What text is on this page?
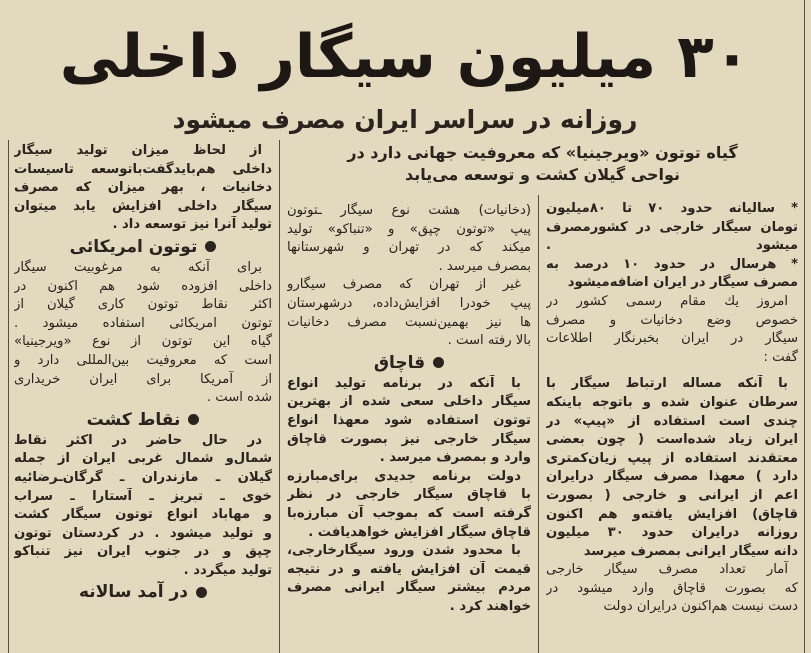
۳۰ میلیون سیگار داخلی
روزانه در سراسر ایران مصرف میشود
گیاه توتون «ویرجینیا» که معروفیت جهانی دارد در
نواحی گیلان کشت و توسعه می‌یابد
* سالیانه حدود ۷۰ تا ۸۰میلیون
تومان سیگار خارجی در کشورمصرف
میشود .
* هرسال در حدود ۱۰ درصد به
مصرف سیگار در ایران اضافه‌میشود
امروز یك مقام رسمی کشور در
خصوص وضع دخانیات و مصرف
سیگار در ایران بخبرنگار اطلاعات
گفت :
با آنکه مساله ارتباط سیگار با
سرطان عنوان شده و باتوجه باینکه
چندی است استفاده از «پیپ» در
ایران زیاد شده‌است ( چون بعضی
معتقدند استفاده از پیپ زیان‌کمتری
دارد ) معهذا مصرف سیگار درایران
اعم از ایرانی و خارجی ( بصورت
قاچاق) افزایش یافته‌و هم اکنون
روزانه درایران حدود ۳۰ میلیون
دانه سیگار ایرانی بمصرف میرسد
آمار تعداد مصرف سیگار خارجی
که بصورت قاچاق وارد میشود در
دست نیست هم‌اکنون درایران دولت
(دخانیات) هشت نوع سیگار ـتوتون
پیپ «توتون چپق» و «تنباکو» تولید
میکند که در تهران و شهرستانها
بمصرف میرسد .
غیر از تهران که مصرف سیگارو
پیپ خودرا افزایش‌داده، درشهرستان
ها نیز بهمین‌نسبت مصرف دخانیات
بالا رفته است .
قاچاق
با آنکه در برنامه تولید انواع
سیگار داخلی سعی شده از بهترین
توتون استفاده شود معهذا انواع
سیگار خارجی نیز بصورت قاچاق
وارد و بمصرف میرسد .
دولت برنامه جدیدی برای‌مبارزه
با قاچاق سیگار خارجی در نظر
گرفته است که بموجب آن مبارزه‌با
قاچاق سیگار افزایش خواهدیافت .
با محدود شدن ورود سیگارخارجی،
قیمت آن افزایش یافته و در نتیجه
مردم بیشتر سیگار ایرانی مصرف
خواهند کرد .
از لحاظ میزان تولید سیگار
داخلی هم‌باید‌گفت‌باتوسعه تاسیسات
دخانیات ، بهر میزان که مصرف
سیگار داخلی افزایش یابد میتوان
تولید آنرا نیز توسعه داد .
توتون امریکائی
برای آنکه به مرغوبیت سیگار
داخلی افزوده شود هم اکنون در
اکثر نقاط توتون کاری گیلان از
توتون امریکائی استفاده میشود .
گیاه این توتون از نوع «ویرجینیا»
است که معروفیت بین‌المللی دارد و
از آمریکا برای ایران خریداری
شده است .
نقاط کشت
در حال حاضر در اکثر نقاط
شمال‌و شمال غربی ایران از جمله
گیلان ـ مازندران ـ گرگان‌ـرضائیه
خوی ـ تبریز ـ آستارا ـ سراب
و مهاباد انواع توتون سیگار کشت
و تولید میشود . در کردستان توتون
چپق و در جنوب ایران نیز تنباکو
تولید میگردد .
در آمد سالانه
